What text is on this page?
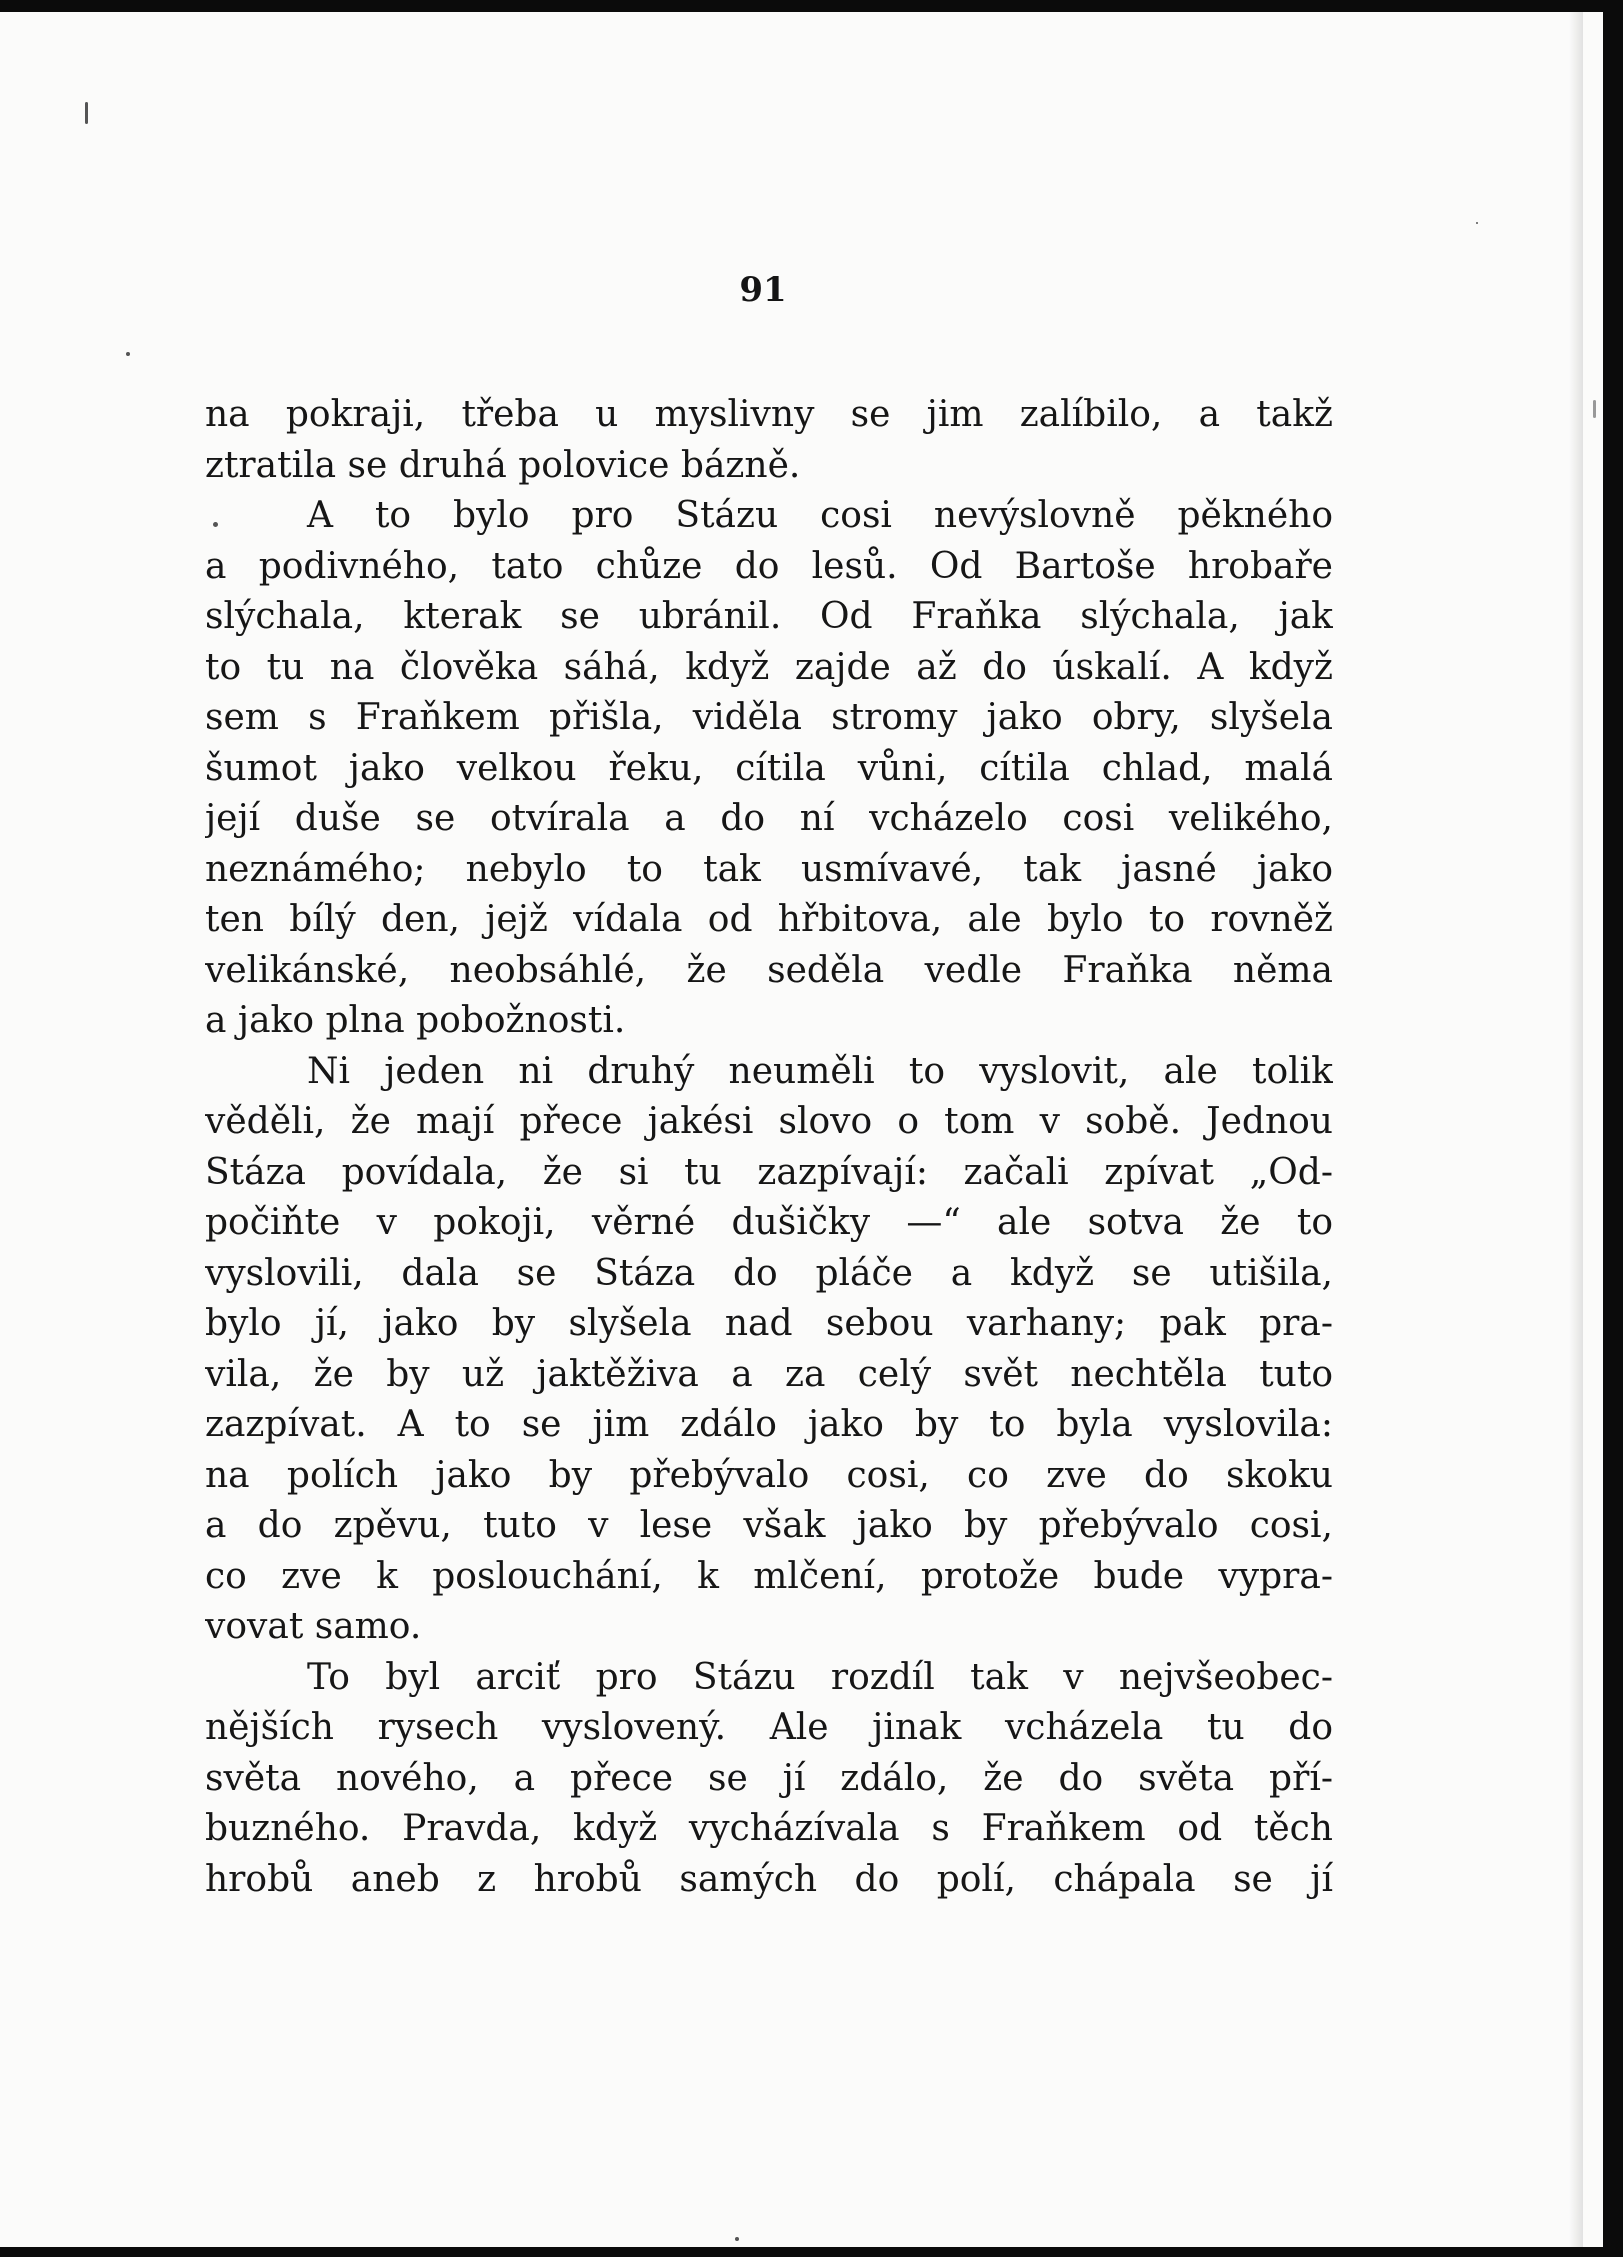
91
na pokraji, třeba u myslivny se jim zalíbilo, a takž
ztratila se druhá polovice bázně.
A to bylo pro Stázu cosi nevýslovně pěkného
a podivného, tato chůze do lesů. Od Bartoše hrobaře
slýchala, kterak se ubránil. Od Fraňka slýchala, jak
to tu na člověka sáhá, když zajde až do úskalí. A když
sem s Fraňkem přišla, viděla stromy jako obry, slyšela
šumot jako velkou řeku, cítila vůni, cítila chlad, malá
její duše se otvírala a do ní vcházelo cosi velikého,
neznámého; nebylo to tak usmívavé, tak jasné jako
ten bílý den, jejž vídala od hřbitova, ale bylo to rovněž
velikánské, neobsáhlé, že seděla vedle Fraňka němа
a jako plna pobožnosti.
Ni jeden ni druhý neuměli to vyslovit, ale tolik
věděli, že mají přece jakési slovo o tom v sobě. Jednou
Stáza povídala, že si tu zazpívají: začali zpívat „Od-
počiňte v pokoji, věrné dušičky —“ ale sotva že to
vyslovili, dala se Stáza do pláče a když se utišila,
bylo jí, jako by slyšela nad sebou varhany; pak pra-
vila, že by už jaktěživa a za celý svět nechtěla tuto
zazpívat. A to se jim zdálo jako by to byla vyslovila:
na polích jako by přebývalo cosi, co zve do skoku
a do zpěvu, tuto v lese však jako by přebývalo cosi,
co zve k poslouchání, k mlčení, protože bude vypra-
vovat samo.
To byl arciť pro Stázu rozdíl tak v nejvšeobec-
nějších rysech vyslovený. Ale jinak vcházela tu do
světa nového, a přece se jí zdálo, že do světa pří-
buzného. Pravda, když vycházívala s Fraňkem od těch
hrobů aneb z hrobů samých do polí, chápala se jí
